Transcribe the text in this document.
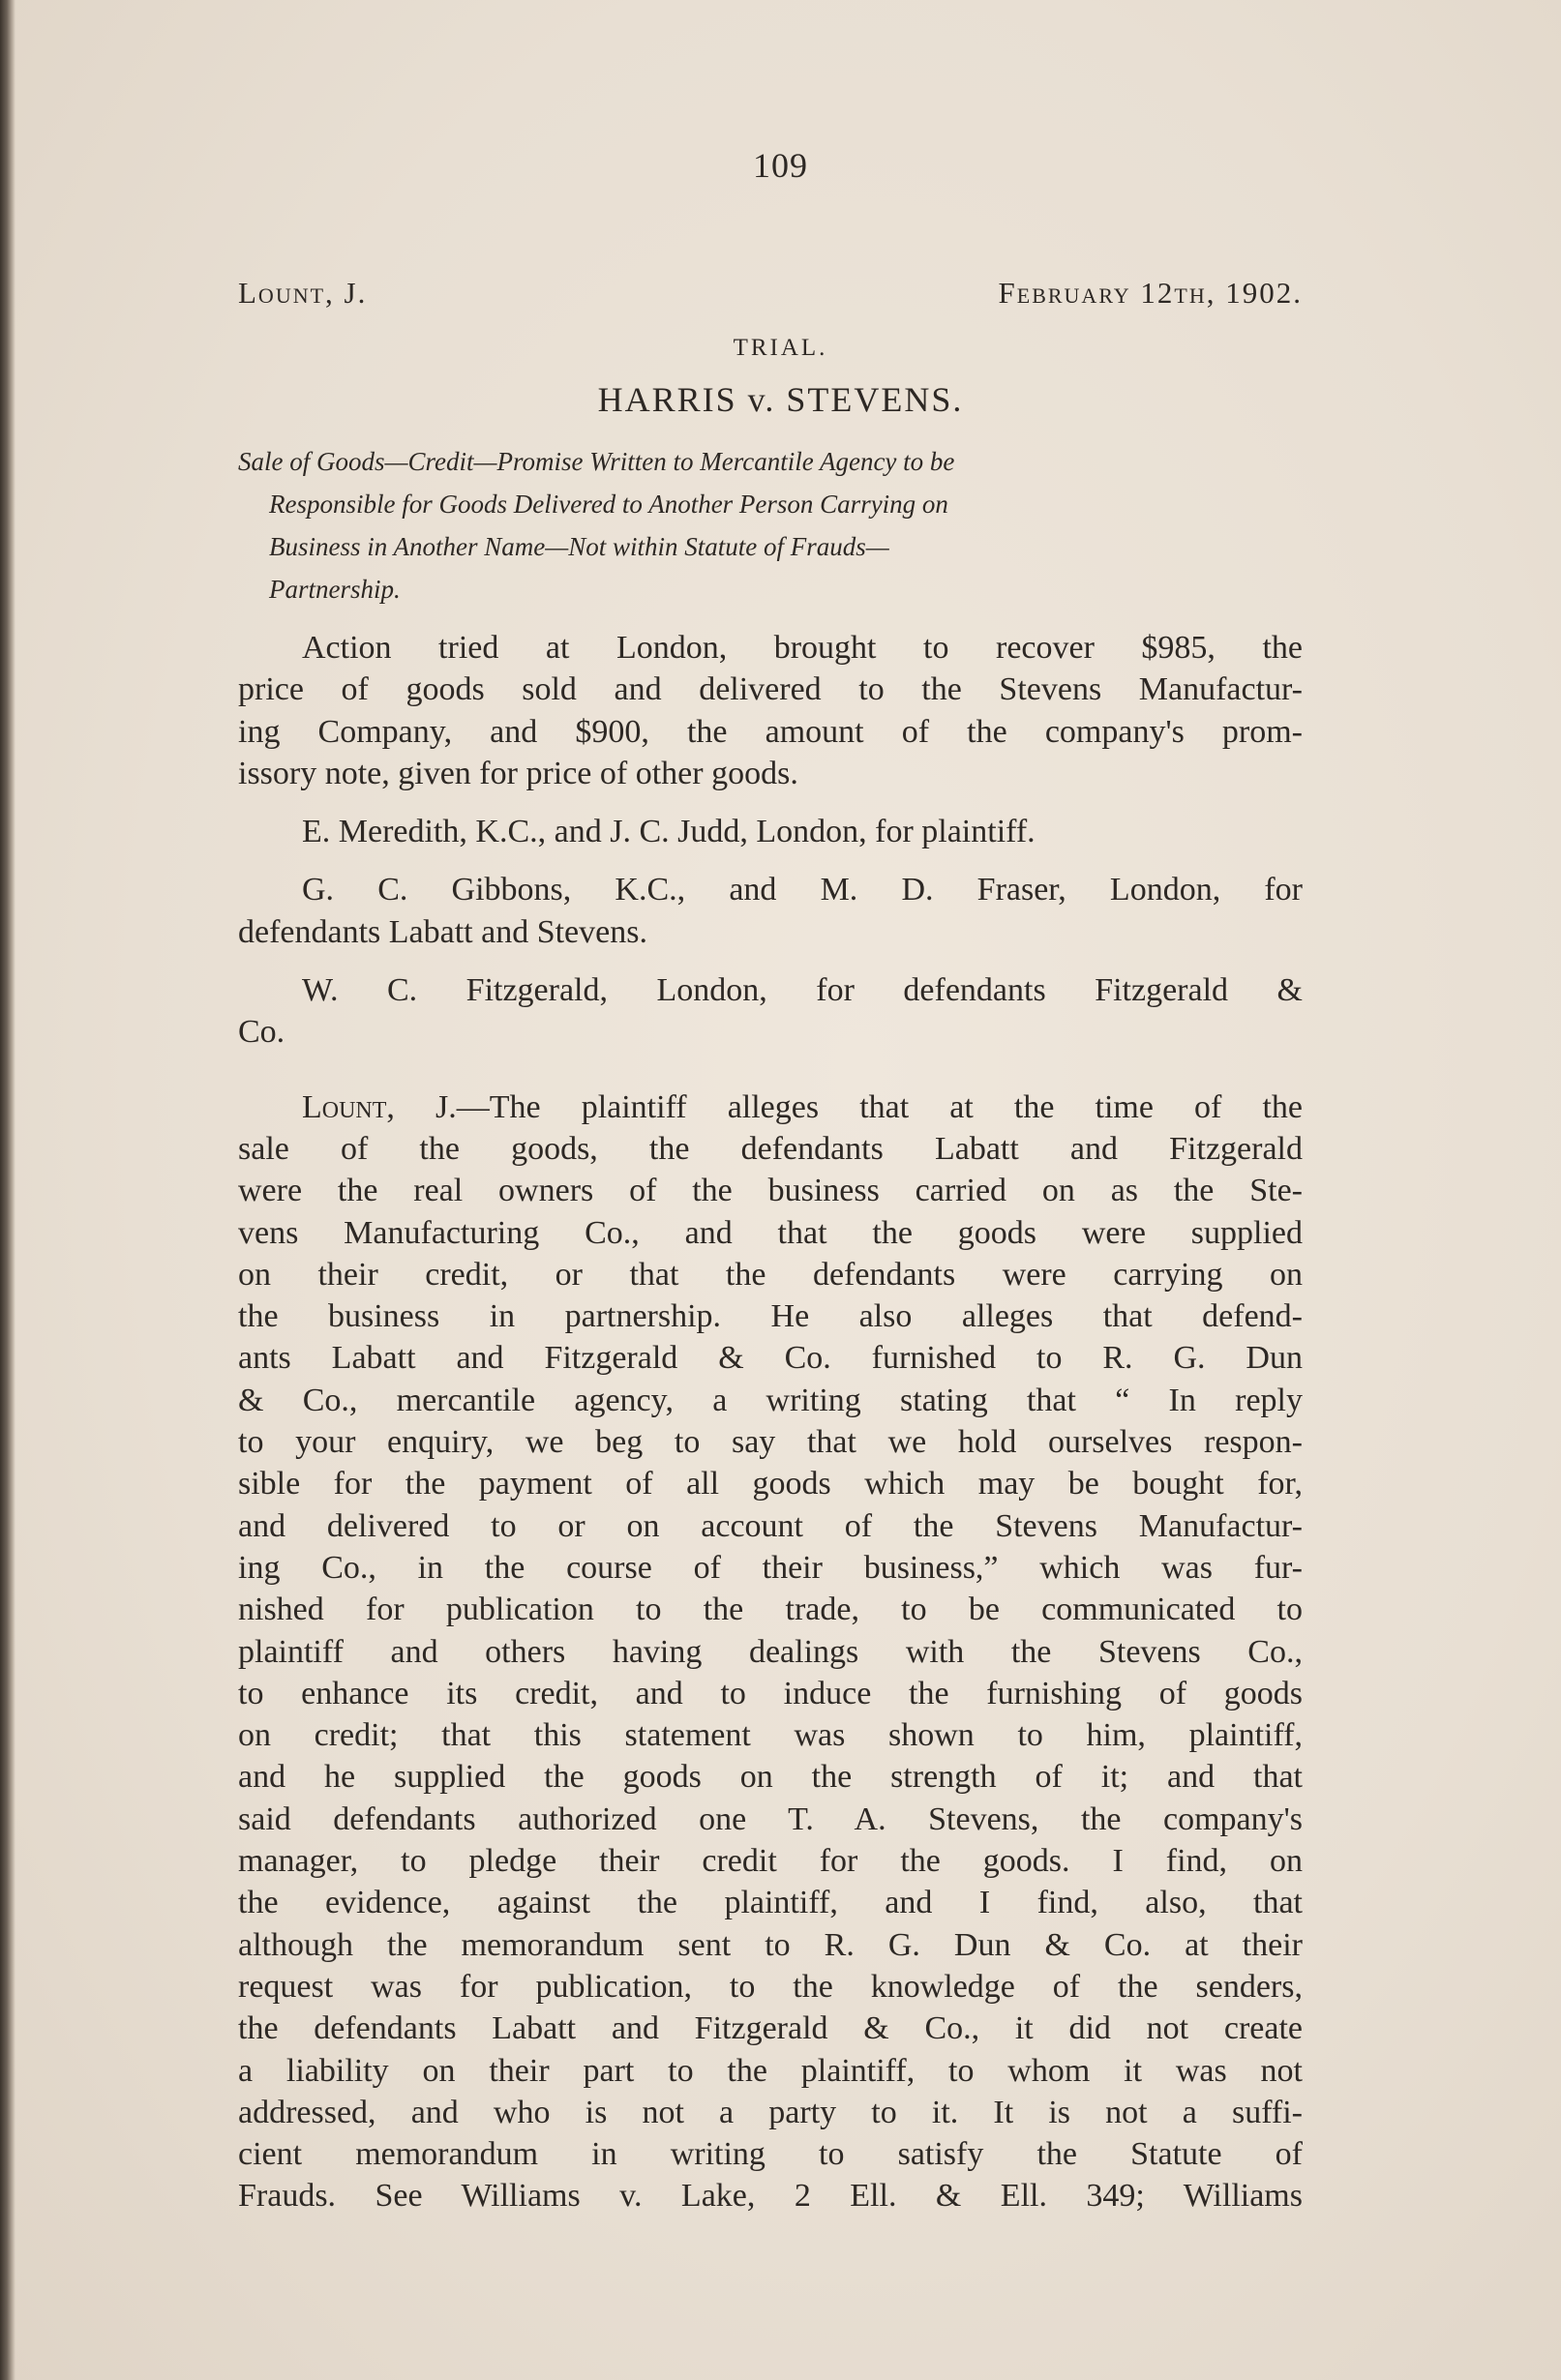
109
Lount, J.	February 12th, 1902.
TRIAL.
HARRIS v. STEVENS.
Sale of Goods—Credit—Promise Written to Mercantile Agency to be
Responsible for Goods Delivered to Another Person Carrying on
Business in Another Name—Not within Statute of Frauds—
Partnership.
Action tried at London, brought to recover $985, the
price of goods sold and delivered to the Stevens Manufactur-
ing Company, and $900, the amount of the company's prom-
issory note, given for price of other goods.
E. Meredith, K.C., and J. C. Judd, London, for plaintiff.
G. C. Gibbons, K.C., and M. D. Fraser, London, for
defendants Labatt and Stevens.
W. C. Fitzgerald, London, for defendants Fitzgerald &
Co.
Lount, J.—The plaintiff alleges that at the time of the
sale of the goods, the defendants Labatt and Fitzgerald
were the real owners of the business carried on as the Ste-
vens Manufacturing Co., and that the goods were supplied
on their credit, or that the defendants were carrying on
the business in partnership. He also alleges that defend-
ants Labatt and Fitzgerald & Co. furnished to R. G. Dun
& Co., mercantile agency, a writing stating that “ In reply
to your enquiry, we beg to say that we hold ourselves respon-
sible for the payment of all goods which may be bought for,
and delivered to or on account of the Stevens Manufactur-
ing Co., in the course of their business,” which was fur-
nished for publication to the trade, to be communicated to
plaintiff and others having dealings with the Stevens Co.,
to enhance its credit, and to induce the furnishing of goods
on credit; that this statement was shown to him, plaintiff,
and he supplied the goods on the strength of it; and that
said defendants authorized one T. A. Stevens, the company's
manager, to pledge their credit for the goods. I find, on
the evidence, against the plaintiff, and I find, also, that
although the memorandum sent to R. G. Dun & Co. at their
request was for publication, to the knowledge of the senders,
the defendants Labatt and Fitzgerald & Co., it did not create
a liability on their part to the plaintiff, to whom it was not
addressed, and who is not a party to it. It is not a suffi-
cient memorandum in writing to satisfy the Statute of
Frauds. See Williams v. Lake, 2 Ell. & Ell. 349; Williams
